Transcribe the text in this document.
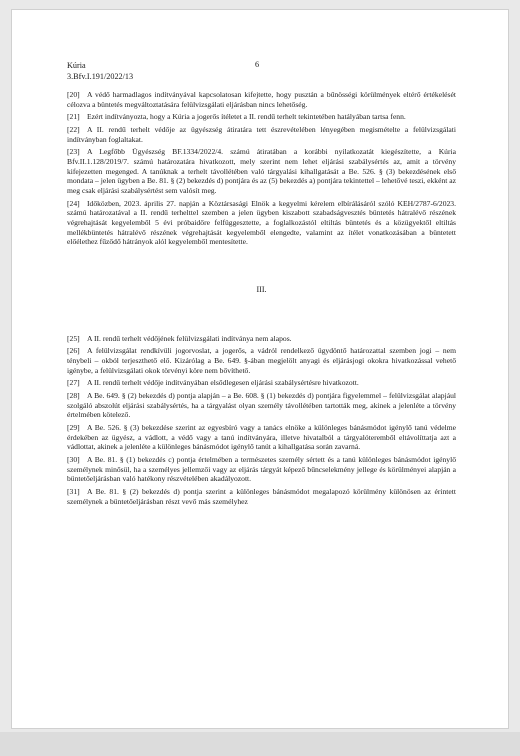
Kúria
3.Bfv.I.191/2022/13
6

[20] A védő harmadlagos indítványával kapcsolatosan kifejtette, hogy pusztán a bűnösségi körülmények eltérő értékelését célozva a büntetés megváltoztatására felülvizsgálati eljárásban nincs lehetőség.

[21] Ezért indítványozta, hogy a Kúria a jogerős ítéletet a II. rendű terhelt tekintetében hatályában tartsa fenn.

[22] A II. rendű terhelt védője az ügyészség átiratára tett észrevételében lényegében megismételte a felülvizsgálati indítványban foglaltakat.

[23] A Legfőbb Ügyészség BF.1334/2022/4. számú átiratában a korábbi nyilatkozatát kiegészítette, a Kúria Bfv.II.1.128/2019/7. számú határozatára hivatkozott, mely szerint nem lehet eljárási szabálysértés az, amit a törvény kifejezetten megenged. A tanúknak a terhelt távollétében való tárgyalási kihallgatását a Be. 526. § (3) bekezdésének első mondata – jelen ügyben a Be. 81. § (2) bekezdés d) pontjára és az (5) bekezdés a) pontjára tekintettel – lehetővé teszi, ekként az meg csak eljárási szabálysértést sem valósít meg.

[24] Időközben, 2023. április 27. napján a Köztársasági Elnök a kegyelmi kérelem elbírálásáról szóló KEH/2787-6/2023. számú határozatával a II. rendű terhelttel szemben a jelen ügyben kiszabott szabadságvesztés büntetés hátralévő részének végrehajtását kegyelemből 5 évi próbaidőre felfüggesztette, a foglalkozástól eltiltás büntetés és a közügyektől eltiltás mellékbüntetés hátralévő részének végrehajtását kegyelemből elengedte, valamint az ítélet vonatkozásában a büntetett előélethez fűződő hátrányok alól kegyelemből mentesítette.

III.

[25] A II. rendű terhelt védőjének felülvizsgálati indítványa nem alapos.

[26] A felülvizsgálat rendkívüli jogorvoslat, a jogerős, a vádról rendelkező ügydöntő határozattal szemben jogi – nem ténybeli – okból terjeszthető elő. Kizárólag a Be. 649. §-ában megjelölt anyagi és eljárásjogi okokra hivatkozással vehető igénybe, a felülvizsgálati okok törvényi köre nem bővíthető.

[27] A II. rendű terhelt védője indítványában elsődlegesen eljárási szabálysértésre hivatkozott.

[28] A Be. 649. § (2) bekezdés d) pontja alapján – a Be. 608. § (1) bekezdés d) pontjára figyelemmel – felülvizsgálat alapjául szolgáló abszolút eljárási szabálysértés, ha a tárgyalást olyan személy távollétében tartották meg, akinek a jelenléte a törvény értelmében kötelező.

[29] A Be. 526. § (3) bekezdése szerint az egyesbíró vagy a tanács elnöke a különleges bánásmódot igénylő tanú védelme érdekében az ügyész, a vádlott, a védő vagy a tanú indítványára, illetve hivatalból a tárgyalóteremből eltávolíttatja azt a vádlottat, akinek a jelenléte a különleges bánásmódot igénylő tanút a kihallgatása során zavarná.

[30] A Be. 81. § (1) bekezdés c) pontja értelmében a természetes személy sértett és a tanú különleges bánásmódot igénylő személynek minősül, ha a személyes jellemzői vagy az eljárás tárgyát képező bűncselekmény jellege és körülményei alapján a büntetőeljárásban való hatékony részvételében akadályozott.

[31] A Be. 81. § (2) bekezdés d) pontja szerint a különleges bánásmódot megalapozó körülmény különösen az érintett személynek a büntetőeljárásban részt vevő más személyhez
